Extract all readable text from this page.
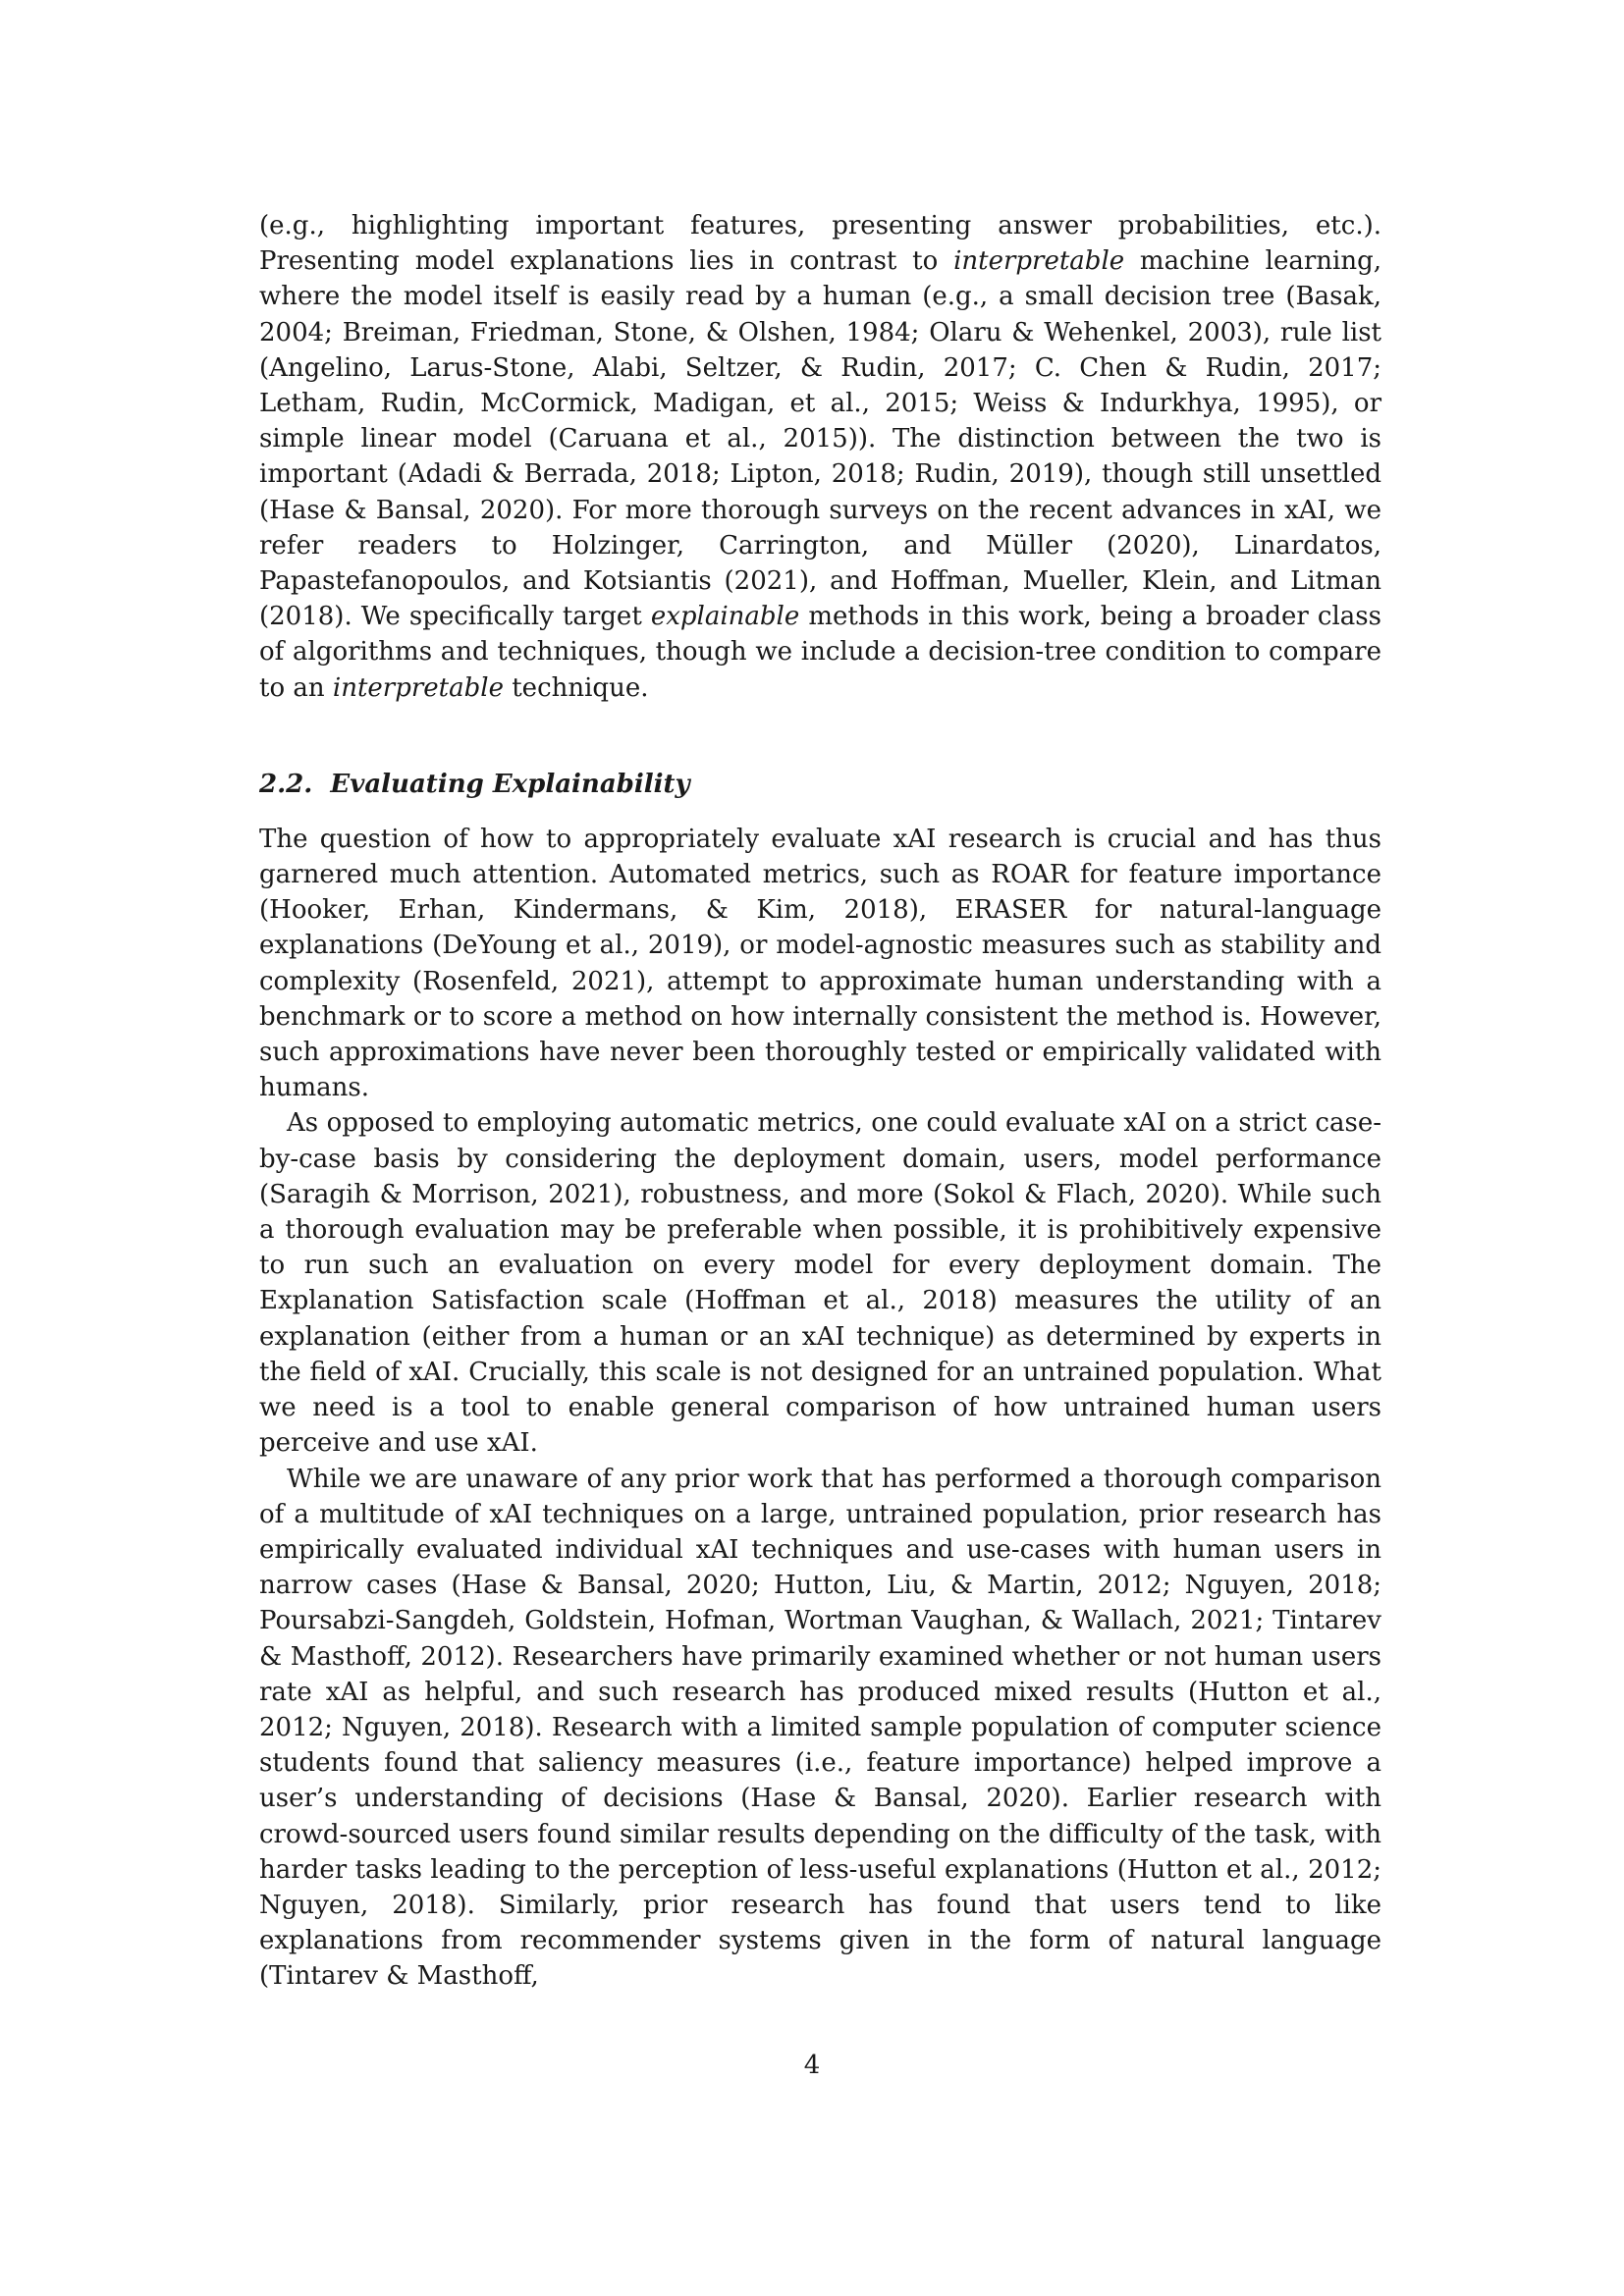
(e.g., highlighting important features, presenting answer probabilities, etc.). Presenting model explanations lies in contrast to interpretable machine learning, where the model itself is easily read by a human (e.g., a small decision tree (Basak, 2004; Breiman, Friedman, Stone, & Olshen, 1984; Olaru & Wehenkel, 2003), rule list (Angelino, Larus-Stone, Alabi, Seltzer, & Rudin, 2017; C. Chen & Rudin, 2017; Letham, Rudin, McCormick, Madigan, et al., 2015; Weiss & Indurkhya, 1995), or simple linear model (Caruana et al., 2015)). The distinction between the two is important (Adadi & Berrada, 2018; Lipton, 2018; Rudin, 2019), though still unsettled (Hase & Bansal, 2020). For more thorough surveys on the recent advances in xAI, we refer readers to Holzinger, Carrington, and Müller (2020), Linardatos, Papastefanopoulos, and Kotsiantis (2021), and Hoffman, Mueller, Klein, and Litman (2018). We specifically target explainable methods in this work, being a broader class of algorithms and techniques, though we include a decision-tree condition to compare to an interpretable technique.

2.2. Evaluating Explainability

The question of how to appropriately evaluate xAI research is crucial and has thus garnered much attention. Automated metrics, such as ROAR for feature importance (Hooker, Erhan, Kindermans, & Kim, 2018), ERASER for natural-language explanations (DeYoung et al., 2019), or model-agnostic measures such as stability and complexity (Rosenfeld, 2021), attempt to approximate human understanding with a benchmark or to score a method on how internally consistent the method is. However, such approximations have never been thoroughly tested or empirically validated with humans.

As opposed to employing automatic metrics, one could evaluate xAI on a strict case-by-case basis by considering the deployment domain, users, model performance (Saragih & Morrison, 2021), robustness, and more (Sokol & Flach, 2020). While such a thorough evaluation may be preferable when possible, it is prohibitively expensive to run such an evaluation on every model for every deployment domain. The Explanation Satisfaction scale (Hoffman et al., 2018) measures the utility of an explanation (either from a human or an xAI technique) as determined by experts in the field of xAI. Crucially, this scale is not designed for an untrained population. What we need is a tool to enable general comparison of how untrained human users perceive and use xAI.

While we are unaware of any prior work that has performed a thorough comparison of a multitude of xAI techniques on a large, untrained population, prior research has empirically evaluated individual xAI techniques and use-cases with human users in narrow cases (Hase & Bansal, 2020; Hutton, Liu, & Martin, 2012; Nguyen, 2018; Poursabzi-Sangdeh, Goldstein, Hofman, Wortman Vaughan, & Wallach, 2021; Tintarev & Masthoff, 2012). Researchers have primarily examined whether or not human users rate xAI as helpful, and such research has produced mixed results (Hutton et al., 2012; Nguyen, 2018). Research with a limited sample population of computer science students found that saliency measures (i.e., feature importance) helped improve a user’s understanding of decisions (Hase & Bansal, 2020). Earlier research with crowd-sourced users found similar results depending on the difficulty of the task, with harder tasks leading to the perception of less-useful explanations (Hutton et al., 2012; Nguyen, 2018). Similarly, prior research has found that users tend to like explanations from recommender systems given in the form of natural language (Tintarev & Masthoff,

4
